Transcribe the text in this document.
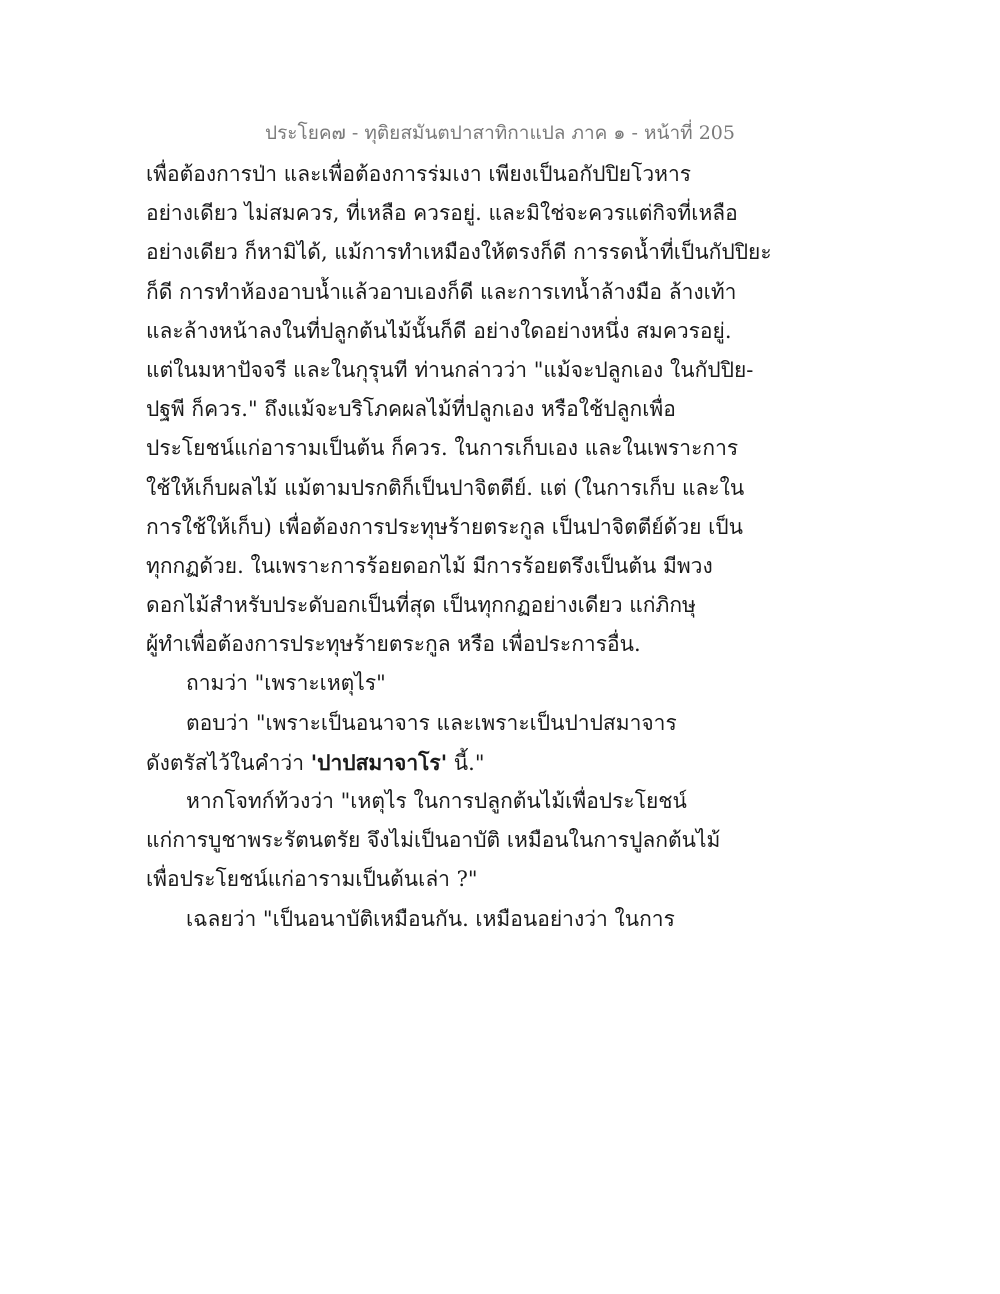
ประโยค๗ - ทุติยสมันตปาสาทิกาแปล ภาค ๑ - หน้าที่ 205
เพื่อต้องการป่า และเพื่อต้องการร่มเงา เพียงเป็นอกัปปิยโวหาร
อย่างเดียว ไม่สมควร, ที่เหลือ ควรอยู่. และมิใช่จะควรแต่กิจที่เหลือ
อย่างเดียว ก็หามิได้, แม้การทำเหมืองให้ตรงก็ดี การรดน้ำที่เป็นกัปปิยะ
ก็ดี การทำห้องอาบน้ำแล้วอาบเองก็ดี และการเทน้ำล้างมือ ล้างเท้า
และล้างหน้าลงในที่ปลูกต้นไม้นั้นก็ดี อย่างใดอย่างหนึ่ง สมควรอยู่.
แต่ในมหาปัจจรี และในกุรุนที ท่านกล่าวว่า "แม้จะปลูกเอง ในกัปปิย-
ปฐพี ก็ควร." ถึงแม้จะบริโภคผลไม้ที่ปลูกเอง หรือใช้ปลูกเพื่อ
ประโยชน์แก่อารามเป็นต้น ก็ควร. ในการเก็บเอง และในเพราะการ
ใช้ให้เก็บผลไม้ แม้ตามปรกติก็เป็นปาจิตตีย์. แต่ (ในการเก็บ และใน
การใช้ให้เก็บ) เพื่อต้องการประทุษร้ายตระกูล เป็นปาจิตตีย์ด้วย เป็น
ทุกกฏด้วย. ในเพราะการร้อยดอกไม้ มีการร้อยตรึงเป็นต้น มีพวง
ดอกไม้สำหรับประดับอกเป็นที่สุด เป็นทุกกฏอย่างเดียว แก่ภิกษุ
ผู้ทำเพื่อต้องการประทุษร้ายตระกูล หรือ เพื่อประการอื่น.
ถามว่า "เพราะเหตุไร"
ตอบว่า "เพราะเป็นอนาจาร และเพราะเป็นปาปสมาจาร
ดังตรัสไว้ในคำว่า 'ปาปสมาจาโร' นี้."
หากโจทก์ท้วงว่า "เหตุไร ในการปลูกต้นไม้เพื่อประโยชน์
แก่การบูชาพระรัตนตรัย จึงไม่เป็นอาบัติ เหมือนในการปูลกต้นไม้
เพื่อประโยชน์แก่อารามเป็นต้นเล่า ?"
เฉลยว่า "เป็นอนาบัติเหมือนกัน. เหมือนอย่างว่า ในการ
